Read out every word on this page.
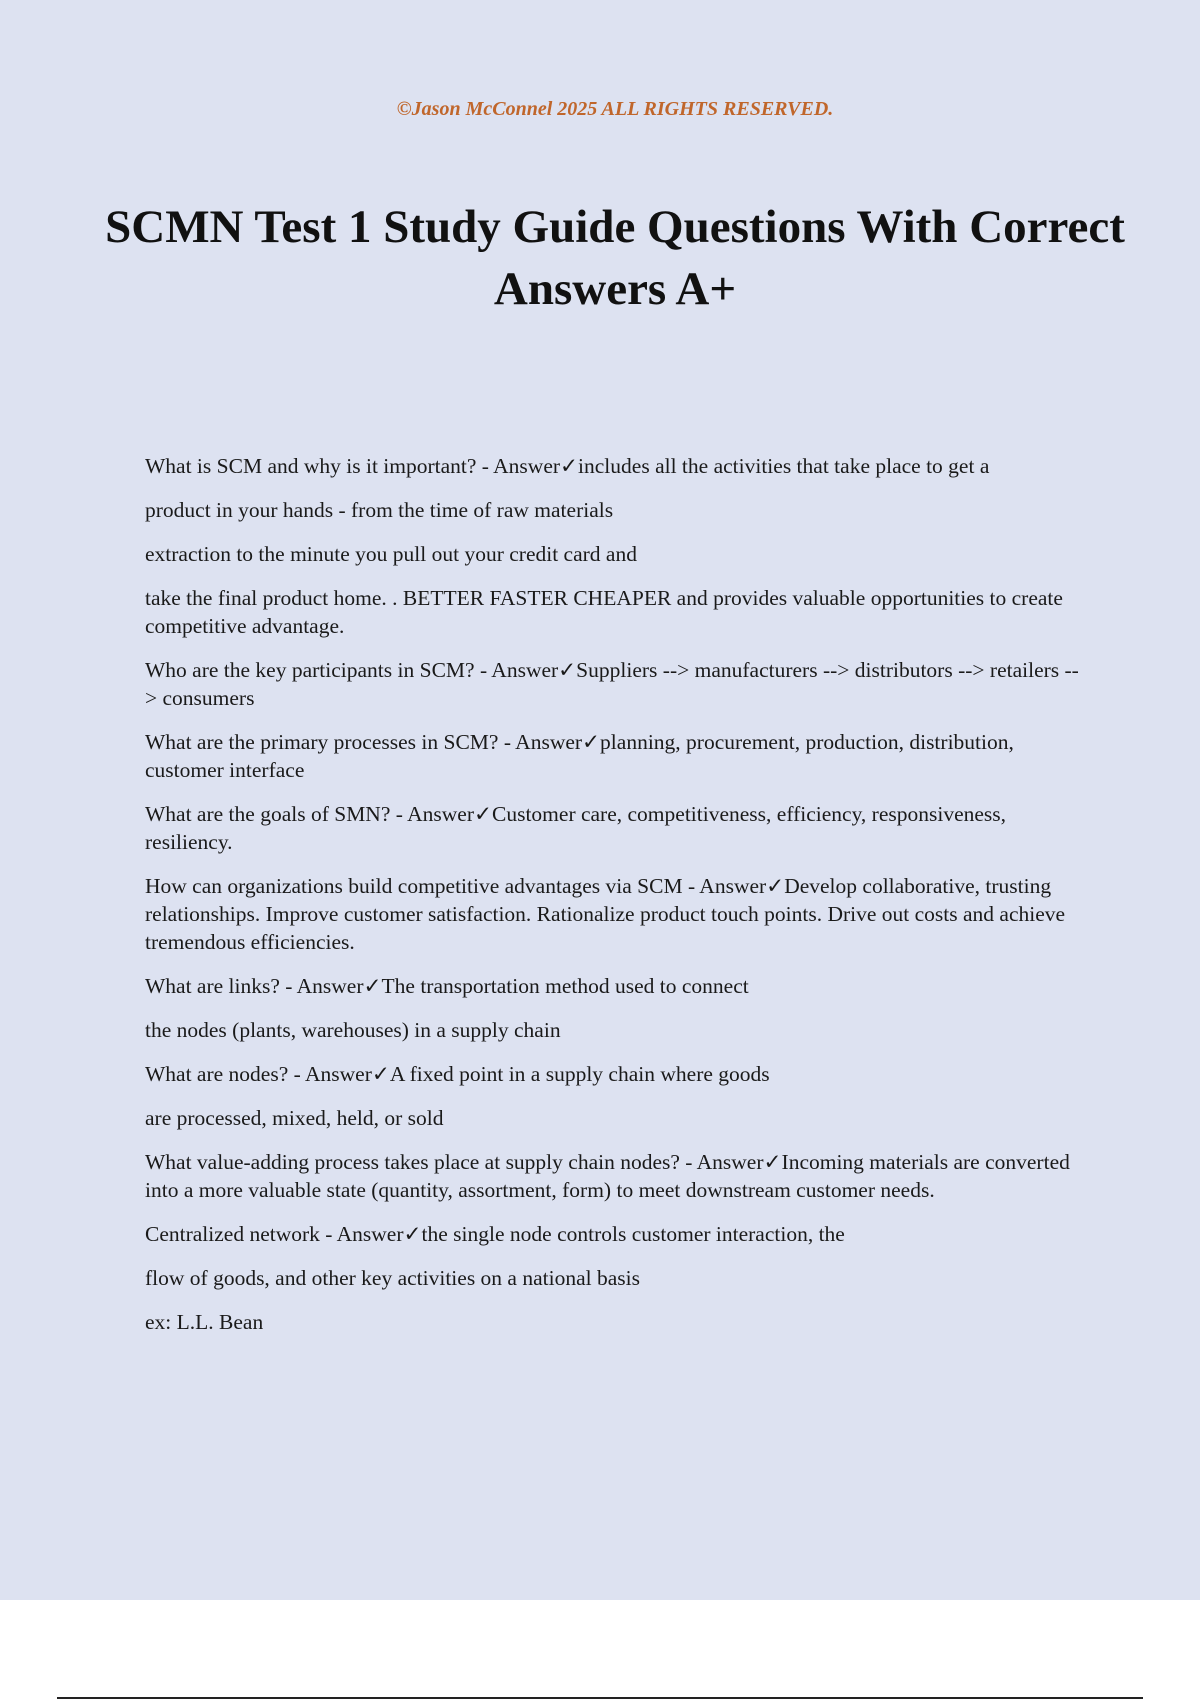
©Jason McConnel 2025 ALL RIGHTS RESERVED.

SCMN Test 1 Study Guide Questions With Correct Answers A+

What is SCM and why is it important? - Answer✓includes all the activities that take place to get a

product in your hands - from the time of raw materials

extraction to the minute you pull out your credit card and

take the final product home. . BETTER FASTER CHEAPER and provides valuable opportunities to create competitive advantage.

Who are the key participants in SCM? - Answer✓Suppliers --> manufacturers --> distributors --> retailers --> consumers

What are the primary processes in SCM? - Answer✓planning, procurement, production, distribution, customer interface

What are the goals of SMN? - Answer✓Customer care, competitiveness, efficiency, responsiveness, resiliency.

How can organizations build competitive advantages via SCM - Answer✓Develop collaborative, trusting relationships. Improve customer satisfaction. Rationalize product touch points. Drive out costs and achieve tremendous efficiencies.

What are links? - Answer✓The transportation method used to connect

the nodes (plants, warehouses) in a supply chain

What are nodes? - Answer✓A fixed point in a supply chain where goods

are processed, mixed, held, or sold

What value-adding process takes place at supply chain nodes? - Answer✓Incoming materials are converted into a more valuable state (quantity, assortment, form) to meet downstream customer needs.

Centralized network - Answer✓the single node controls customer interaction, the

flow of goods, and other key activities on a national basis

ex: L.L. Bean
